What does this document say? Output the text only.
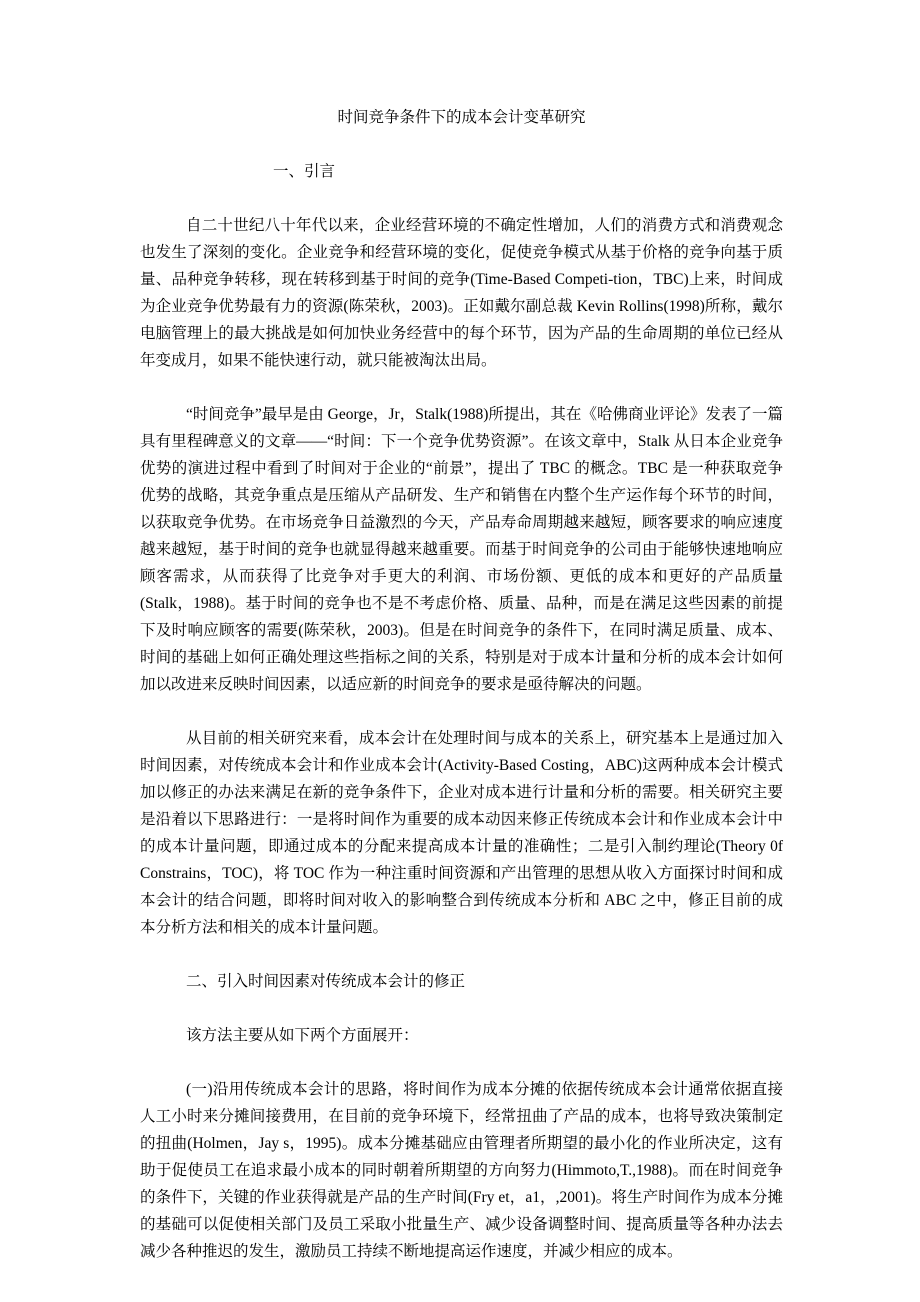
时间竞争条件下的成本会计变革研究
一、引言
自二十世纪八十年代以来，企业经营环境的不确定性增加，人们的消费方式和消费观念也发生了深刻的变化。企业竞争和经营环境的变化，促使竞争模式从基于价格的竞争向基于质量、品种竞争转移，现在转移到基于时间的竞争(Time-Based Competi-tion，TBC)上来，时间成为企业竞争优势最有力的资源(陈荣秋，2003)。正如戴尔副总裁 Kevin Rollins(1998)所称，戴尔电脑管理上的最大挑战是如何加快业务经营中的每个环节，因为产品的生命周期的单位已经从年变成月，如果不能快速行动，就只能被淘汰出局。
“时间竞争”最早是由 George，Jr，Stalk(1988)所提出，其在《哈佛商业评论》发表了一篇具有里程碑意义的文章——“时间：下一个竞争优势资源”。在该文章中，Stalk 从日本企业竞争优势的演进过程中看到了时间对于企业的“前景”，提出了 TBC 的概念。TBC 是一种获取竞争优势的战略，其竞争重点是压缩从产品研发、生产和销售在内整个生产运作每个环节的时间，以获取竞争优势。在市场竞争日益激烈的今天，产品寿命周期越来越短，顾客要求的响应速度越来越短，基于时间的竞争也就显得越来越重要。而基于时间竞争的公司由于能够快速地响应顾客需求，从而获得了比竞争对手更大的利润、市场份额、更低的成本和更好的产品质量(Stalk，1988)。基于时间的竞争也不是不考虑价格、质量、品种，而是在满足这些因素的前提下及时响应顾客的需要(陈荣秋，2003)。但是在时间竞争的条件下，在同时满足质量、成本、时间的基础上如何正确处理这些指标之间的关系，特别是对于成本计量和分析的成本会计如何加以改进来反映时间因素，以适应新的时间竞争的要求是亟待解决的问题。
从目前的相关研究来看，成本会计在处理时间与成本的关系上，研究基本上是通过加入时间因素，对传统成本会计和作业成本会计(Activity-Based Costing，ABC)这两种成本会计模式加以修正的办法来满足在新的竞争条件下，企业对成本进行计量和分析的需要。相关研究主要是沿着以下思路进行：一是将时间作为重要的成本动因来修正传统成本会计和作业成本会计中的成本计量问题，即通过成本的分配来提高成本计量的准确性；二是引入制约理论(Theory 0f Constrains，TOC)，将 TOC 作为一种注重时间资源和产出管理的思想从收入方面探讨时间和成本会计的结合问题，即将时间对收入的影响整合到传统成本分析和 ABC 之中，修正目前的成本分析方法和相关的成本计量问题。
二、引入时间因素对传统成本会计的修正
该方法主要从如下两个方面展开：
(一)沿用传统成本会计的思路，将时间作为成本分摊的依据传统成本会计通常依据直接人工小时来分摊间接费用，在目前的竞争环境下，经常扭曲了产品的成本，也将导致决策制定的扭曲(Holmen，Jay s，1995)。成本分摊基础应由管理者所期望的最小化的作业所决定，这有助于促使员工在追求最小成本的同时朝着所期望的方向努力(Himmoto,T.,1988)。而在时间竞争的条件下，关键的作业获得就是产品的生产时间(Fry et，a1，,2001)。将生产时间作为成本分摊的基础可以促使相关部门及员工采取小批量生产、减少设备调整时间、提高质量等各种办法去减少各种推迟的发生，激励员工持续不断地提高运作速度，并减少相应的成本。
